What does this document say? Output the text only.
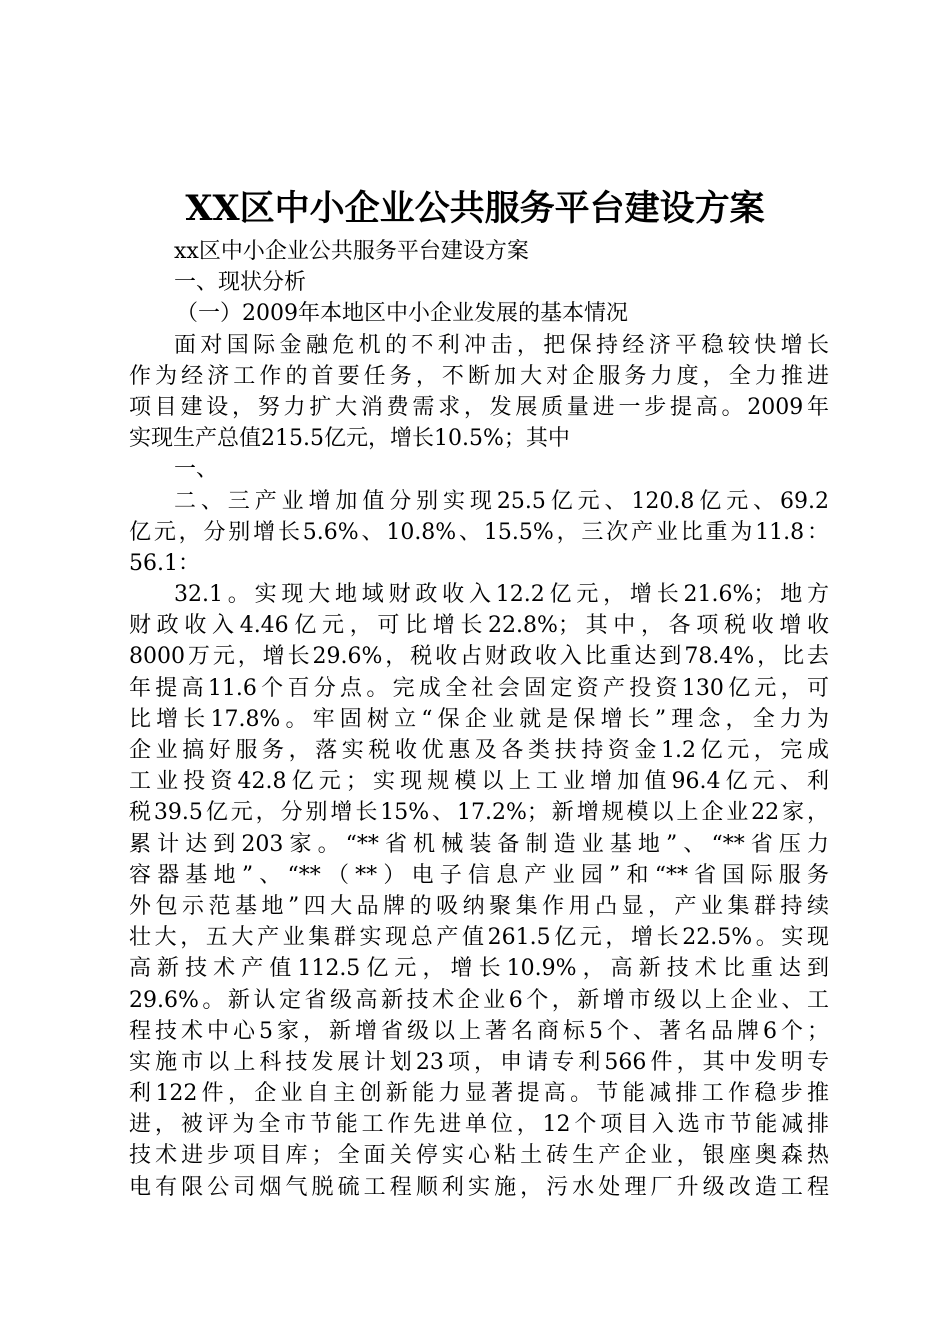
XX区中小企业公共服务平台建设方案
xx区中小企业公共服务平台建设方案
一、现状分析
（一）2009年本地区中小企业发展的基本情况
面对国际金融危机的不利冲击，把保持经济平稳较快增长
作为经济工作的首要任务，不断加大对企服务力度，全力推进
项目建设，努力扩大消费需求，发展质量进一步提高。2009年
实现生产总值215.5亿元，增长10.5%；其中
一、
二、三产业增加值分别实现25.5亿元、120.8亿元、69.2
亿元，分别增长5.6%、10.8%、15.5%，三次产业比重为11.8：
56.1：
32.1。实现大地域财政收入12.2亿元，增长21.6%；地方
财政收入4.46亿元，可比增长22.8%；其中，各项税收增收
8000万元，增长29.6%，税收占财政收入比重达到78.4%，比去
年提高11.6个百分点。完成全社会固定资产投资130亿元，可
比增长17.8%。牢固树立“保企业就是保增长”理念，全力为
企业搞好服务，落实税收优惠及各类扶持资金1.2亿元，完成
工业投资42.8亿元；实现规模以上工业增加值96.4亿元、利
税39.5亿元，分别增长15%、17.2%；新增规模以上企业22家，
累计达到203家。“**省机械装备制造业基地”、“**省压力
容器基地”、“**（**）电子信息产业园”和“**省国际服务
外包示范基地”四大品牌的吸纳聚集作用凸显，产业集群持续
壮大，五大产业集群实现总产值261.5亿元，增长22.5%。实现
高新技术产值112.5亿元，增长10.9%，高新技术比重达到
29.6%。新认定省级高新技术企业6个，新增市级以上企业、工
程技术中心5家，新增省级以上著名商标5个、著名品牌6个；
实施市以上科技发展计划23项，申请专利566件，其中发明专
利122件，企业自主创新能力显著提高。节能减排工作稳步推
进，被评为全市节能工作先进单位，12个项目入选市节能减排
技术进步项目库；全面关停实心粘土砖生产企业，银座奥森热
电有限公司烟气脱硫工程顺利实施，污水处理厂升级改造工程
